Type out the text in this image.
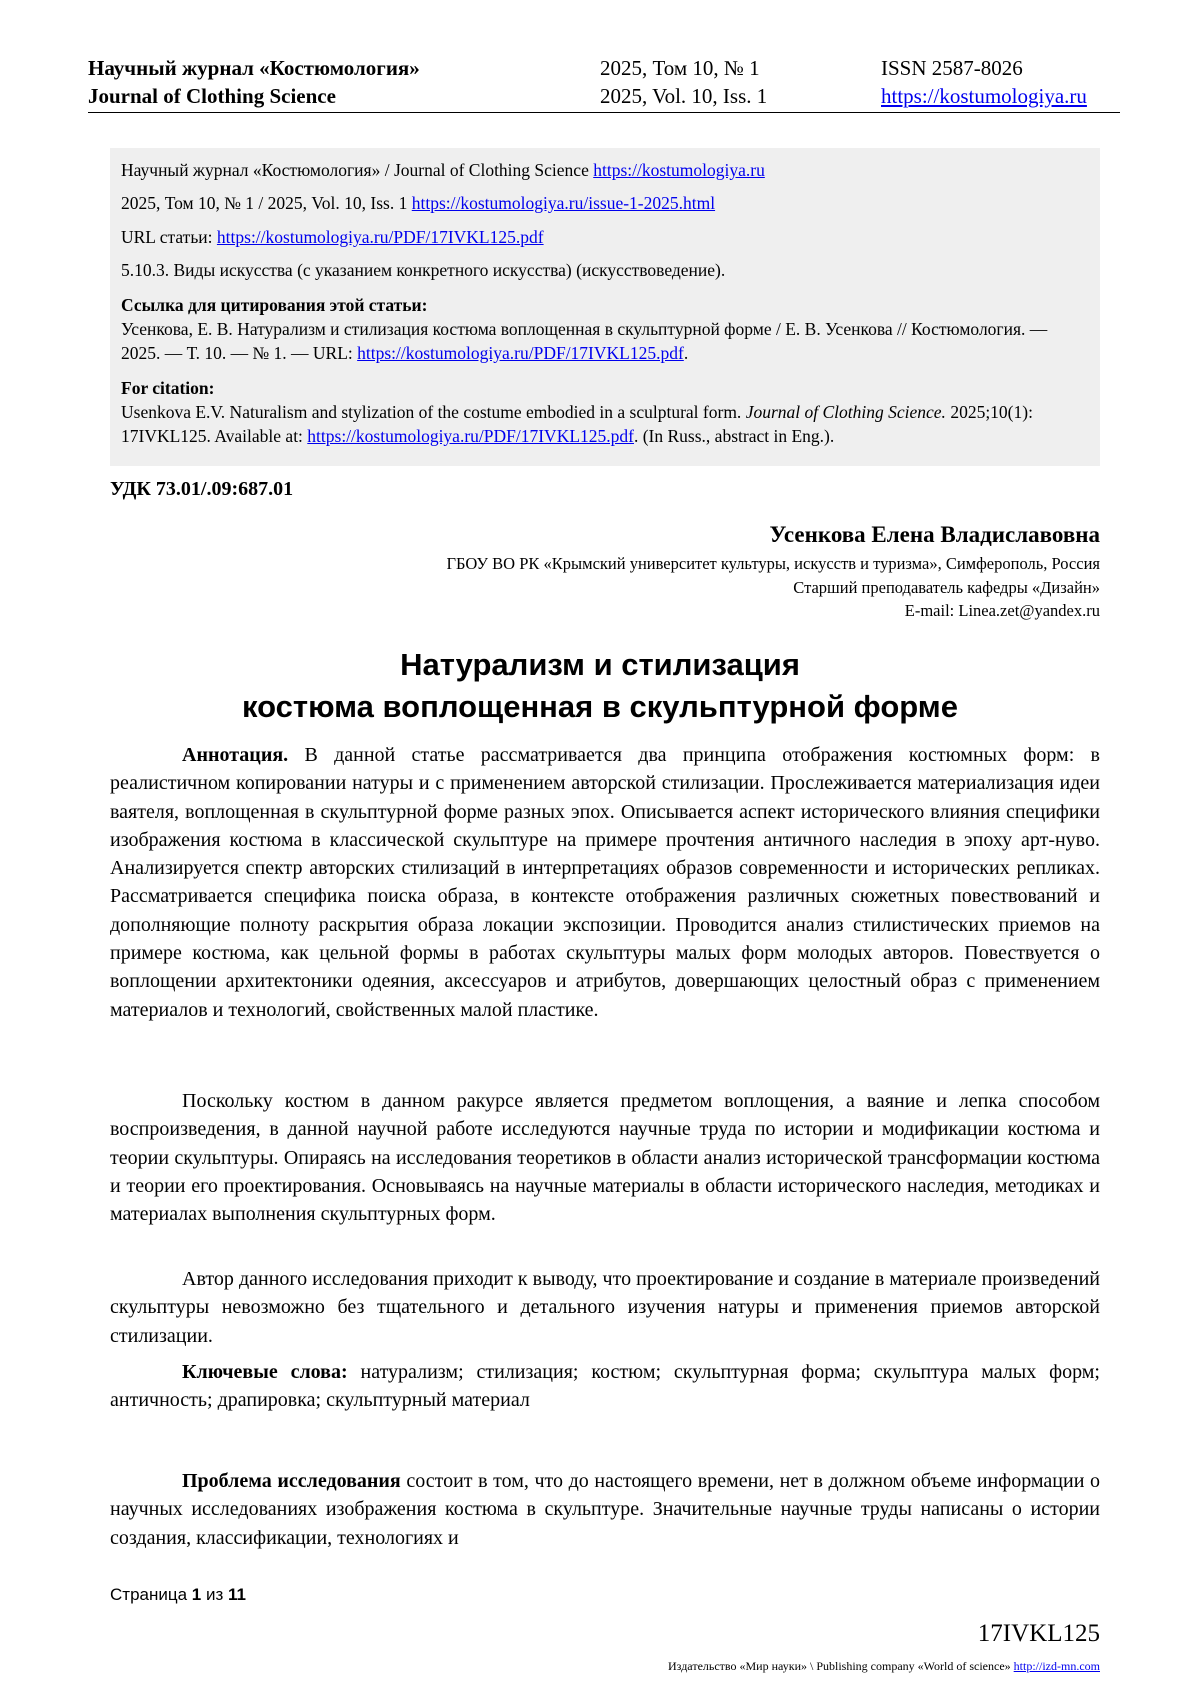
Научный журнал «Костюмология»	2025, Том 10, № 1	ISSN 2587-8026
Journal of Clothing Science	2025, Vol. 10, Iss. 1	https://kostumologiya.ru

Научный журнал «Костюмология» / Journal of Clothing Science https://kostumologiya.ru

2025, Том 10, № 1 / 2025, Vol. 10, Iss. 1 https://kostumologiya.ru/issue-1-2025.html

URL статьи: https://kostumologiya.ru/PDF/17IVKL125.pdf

5.10.3. Виды искусства (с указанием конкретного искусства) (искусствоведение).

Ссылка для цитирования этой статьи:
Усенкова, Е. В. Натурализм и стилизация костюма воплощенная в скульптурной форме / Е. В. Усенкова // Костюмология. — 2025. — Т. 10. — № 1. — URL: https://kostumologiya.ru/PDF/17IVKL125.pdf.

For citation:
Usenkova E.V. Naturalism and stylization of the costume embodied in a sculptural form. Journal of Clothing Science. 2025;10(1): 17IVKL125. Available at: https://kostumologiya.ru/PDF/17IVKL125.pdf. (In Russ., abstract in Eng.).

УДК 73.01/.09:687.01
Усенкова Елена Владиславовна
ГБОУ ВО РК «Крымский университет культуры, искусств и туризма», Симферополь, Россия
Старший преподаватель кафедры «Дизайн»
E-mail: Linea.zet@yandex.ru
Натурализм и стилизация
костюма воплощенная в скульптурной форме

Аннотация. В данной статье рассматривается два принципа отображения костюмных форм: в реалистичном копировании натуры и с применением авторской стилизации. Прослеживается материализация идеи ваятеля, воплощенная в скульптурной форме разных эпох. Описывается аспект исторического влияния специфики изображения костюма в классической скульптуре на примере прочтения античного наследия в эпоху арт-нуво. Анализируется спектр авторских стилизаций в интерпретациях образов современности и исторических репликах. Рассматривается специфика поиска образа, в контексте отображения различных сюжетных повествований и дополняющие полноту раскрытия образа локации экспозиции. Проводится анализ стилистических приемов на примере костюма, как цельной формы в работах скульптуры малых форм молодых авторов. Повествуется о воплощении архитектоники одеяния, аксессуаров и атрибутов, довершающих целостный образ с применением материалов и технологий, свойственных малой пластике.

Поскольку костюм в данном ракурсе является предметом воплощения, а ваяние и лепка способом воспроизведения, в данной научной работе исследуются научные труда по истории и модификации костюма и теории скульптуры. Опираясь на исследования теоретиков в области анализ исторической трансформации костюма и теории его проектирования. Основываясь на научные материалы в области исторического наследия, методиках и материалах выполнения скульптурных форм.

Автор данного исследования приходит к выводу, что проектирование и создание в материале произведений скульптуры невозможно без тщательного и детального изучения натуры и применения приемов авторской стилизации.

Ключевые слова: натурализм; стилизация; костюм; скульптурная форма; скульптура малых форм; античность; драпировка; скульптурный материал

Проблема исследования состоит в том, что до настоящего времени, нет в должном объеме информации о научных исследованиях изображения костюма в скульптуре. Значительные научные труды написаны о истории создания, классификации, технологиях и

Страница 1 из 11
17IVKL125
Издательство «Мир науки» \ Publishing company «World of science» http://izd-mn.com
